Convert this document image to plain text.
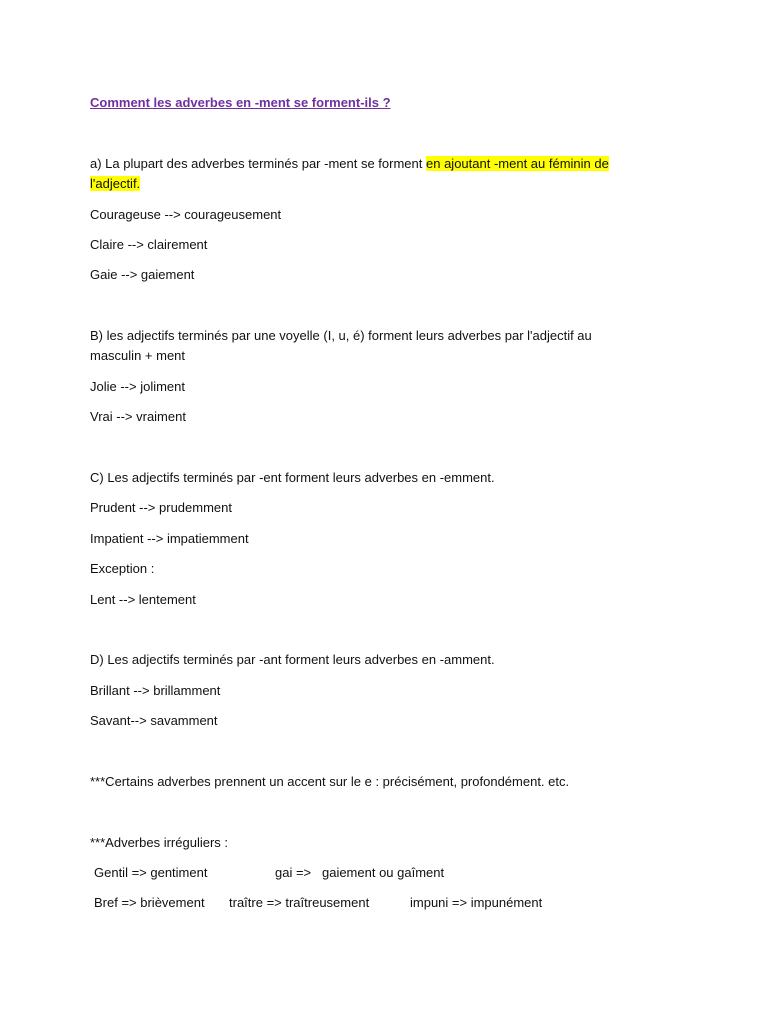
Comment les adverbes en -ment se forment-ils ?
a) La plupart des adverbes terminés par -ment se forment en ajoutant -ment au féminin de
l'adjectif.
Courageuse --> courageusement
Claire --> clairement
Gaie --> gaiement
B) les adjectifs terminés par une voyelle (I, u, é) forment leurs adverbes par l'adjectif au
masculin + ment
Jolie --> joliment
Vrai --> vraiment
C) Les adjectifs terminés par -ent forment leurs adverbes en -emment.
Prudent --> prudemment
Impatient --> impatiemment
Exception :
Lent --> lentement
D) Les adjectifs terminés par -ant forment leurs adverbes en -amment.
Brillant --> brillamment
Savant--> savamment
***Certains adverbes prennent un accent sur le e : précisément, profondément. etc.
***Adverbes irréguliers :
Gentil => gentiment	gai =>   gaiement ou gaîment
Bref => brièvement traître => traîtreusement	impuni => impunément
